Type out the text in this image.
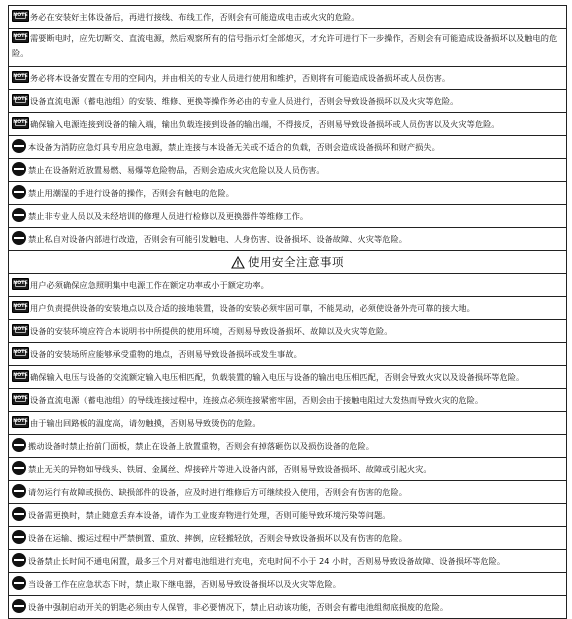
NOTE务必在安装好主体设备后，再进行接线、布线工作，否则会有可能造成电击或火灾的危险。
NOTE需要断电时，应先切断交、直流电源，然后观察所有的信号指示灯全部熄灭，才允许可进行下一步操作，否则会有可能造成设备损坏以及触电的危险。
NOTE务必将本设备安置在专用的空间内，并由相关的专业人员进行使用和维护，否则将有可能造成设备损坏或人员伤害。
NOTE设备直流电源（蓄电池组）的安装、维修、更换等操作务必由的专业人员进行，否则会导致设备损坏以及火灾等危险。
NOTE确保输入电源连接到设备的输入端，输出负载连接到设备的输出端，不得接反，否则易导致设备损坏或人员伤害以及火灾等危险。
本设备为消防应急灯具专用应急电源，禁止连接与本设备无关或不适合的负载，否则会造成设备损坏和财产损失。
禁止在设备附近放置易燃、易爆等危险物品，否则会造成火灾危险以及人员伤害。
禁止用潮湿的手进行设备的操作，否则会有触电的危险。
禁止非专业人员以及未经培训的修理人员进行检修以及更换器件等维修工作。
禁止私自对设备内部进行改造，否则会有可能引发触电、人身伤害、设备损坏、设备故障、火灾等危险。
使用安全注意事项
NOTE用户必须确保应急照明集中电源工作在额定功率或小于额定功率。
NOTE用户负责提供设备的安装地点以及合适的接地装置，设备的安装必须牢固可靠，不能晃动，必须使设备外壳可靠的接大地。
NOTE设备的安装环境应符合本说明书中所提供的使用环境，否则易导致设备损坏、故障以及火灾等危险。
NOTE设备的安装场所应能够承受重物的地点，否则易导致设备损坏或发生事故。
NOTE确保输入电压与设备的交流额定输入电压相匹配，负载装置的输入电压与设备的输出电压相匹配，否则会导致火灾以及设备损坏等危险。
NOTE设备直流电源（蓄电池组）的导线连接过程中，连接点必须连接紧密牢固，否则会由于接触电阻过大发热而导致火灾的危险。
NOTE由于输出回路板的温度高，请勿触摸，否则易导致烫伤的危险。
搬动设备时禁止抬前门面板，禁止在设备上放置重物，否则会有掉落砸伤以及损伤设备的危险。
禁止无关的异物如导线头、铁屑、金属丝、焊接碎片等进入设备内部，否则易导致设备损坏、故障或引起火灾。
请勿运行有故障或损伤、缺损部件的设备，应及时进行维修后方可继续投入使用，否则会有伤害的危险。
设备需更换时，禁止随意丢弃本设备，请作为工业废弃物进行处理，否则可能导致环境污染等问题。
设备在运输、搬运过程中严禁倒置、重放、摔倒，应轻搬轻放，否则会导致设备损坏以及有伤害的危险。
设备禁止长时间不通电闲置，最多三个月对蓄电池组进行充电，充电时间不小于 24 小时，否则易导致设备故障、设备损坏等危险。
当设备工作在应急状态下时，禁止取下继电器，否则易导致设备损坏以及火灾等危险。
设备中强制启动开关的钥匙必须由专人保管，非必要情况下，禁止启动该功能，否则会有蓄电池组彻底损废的危险。
